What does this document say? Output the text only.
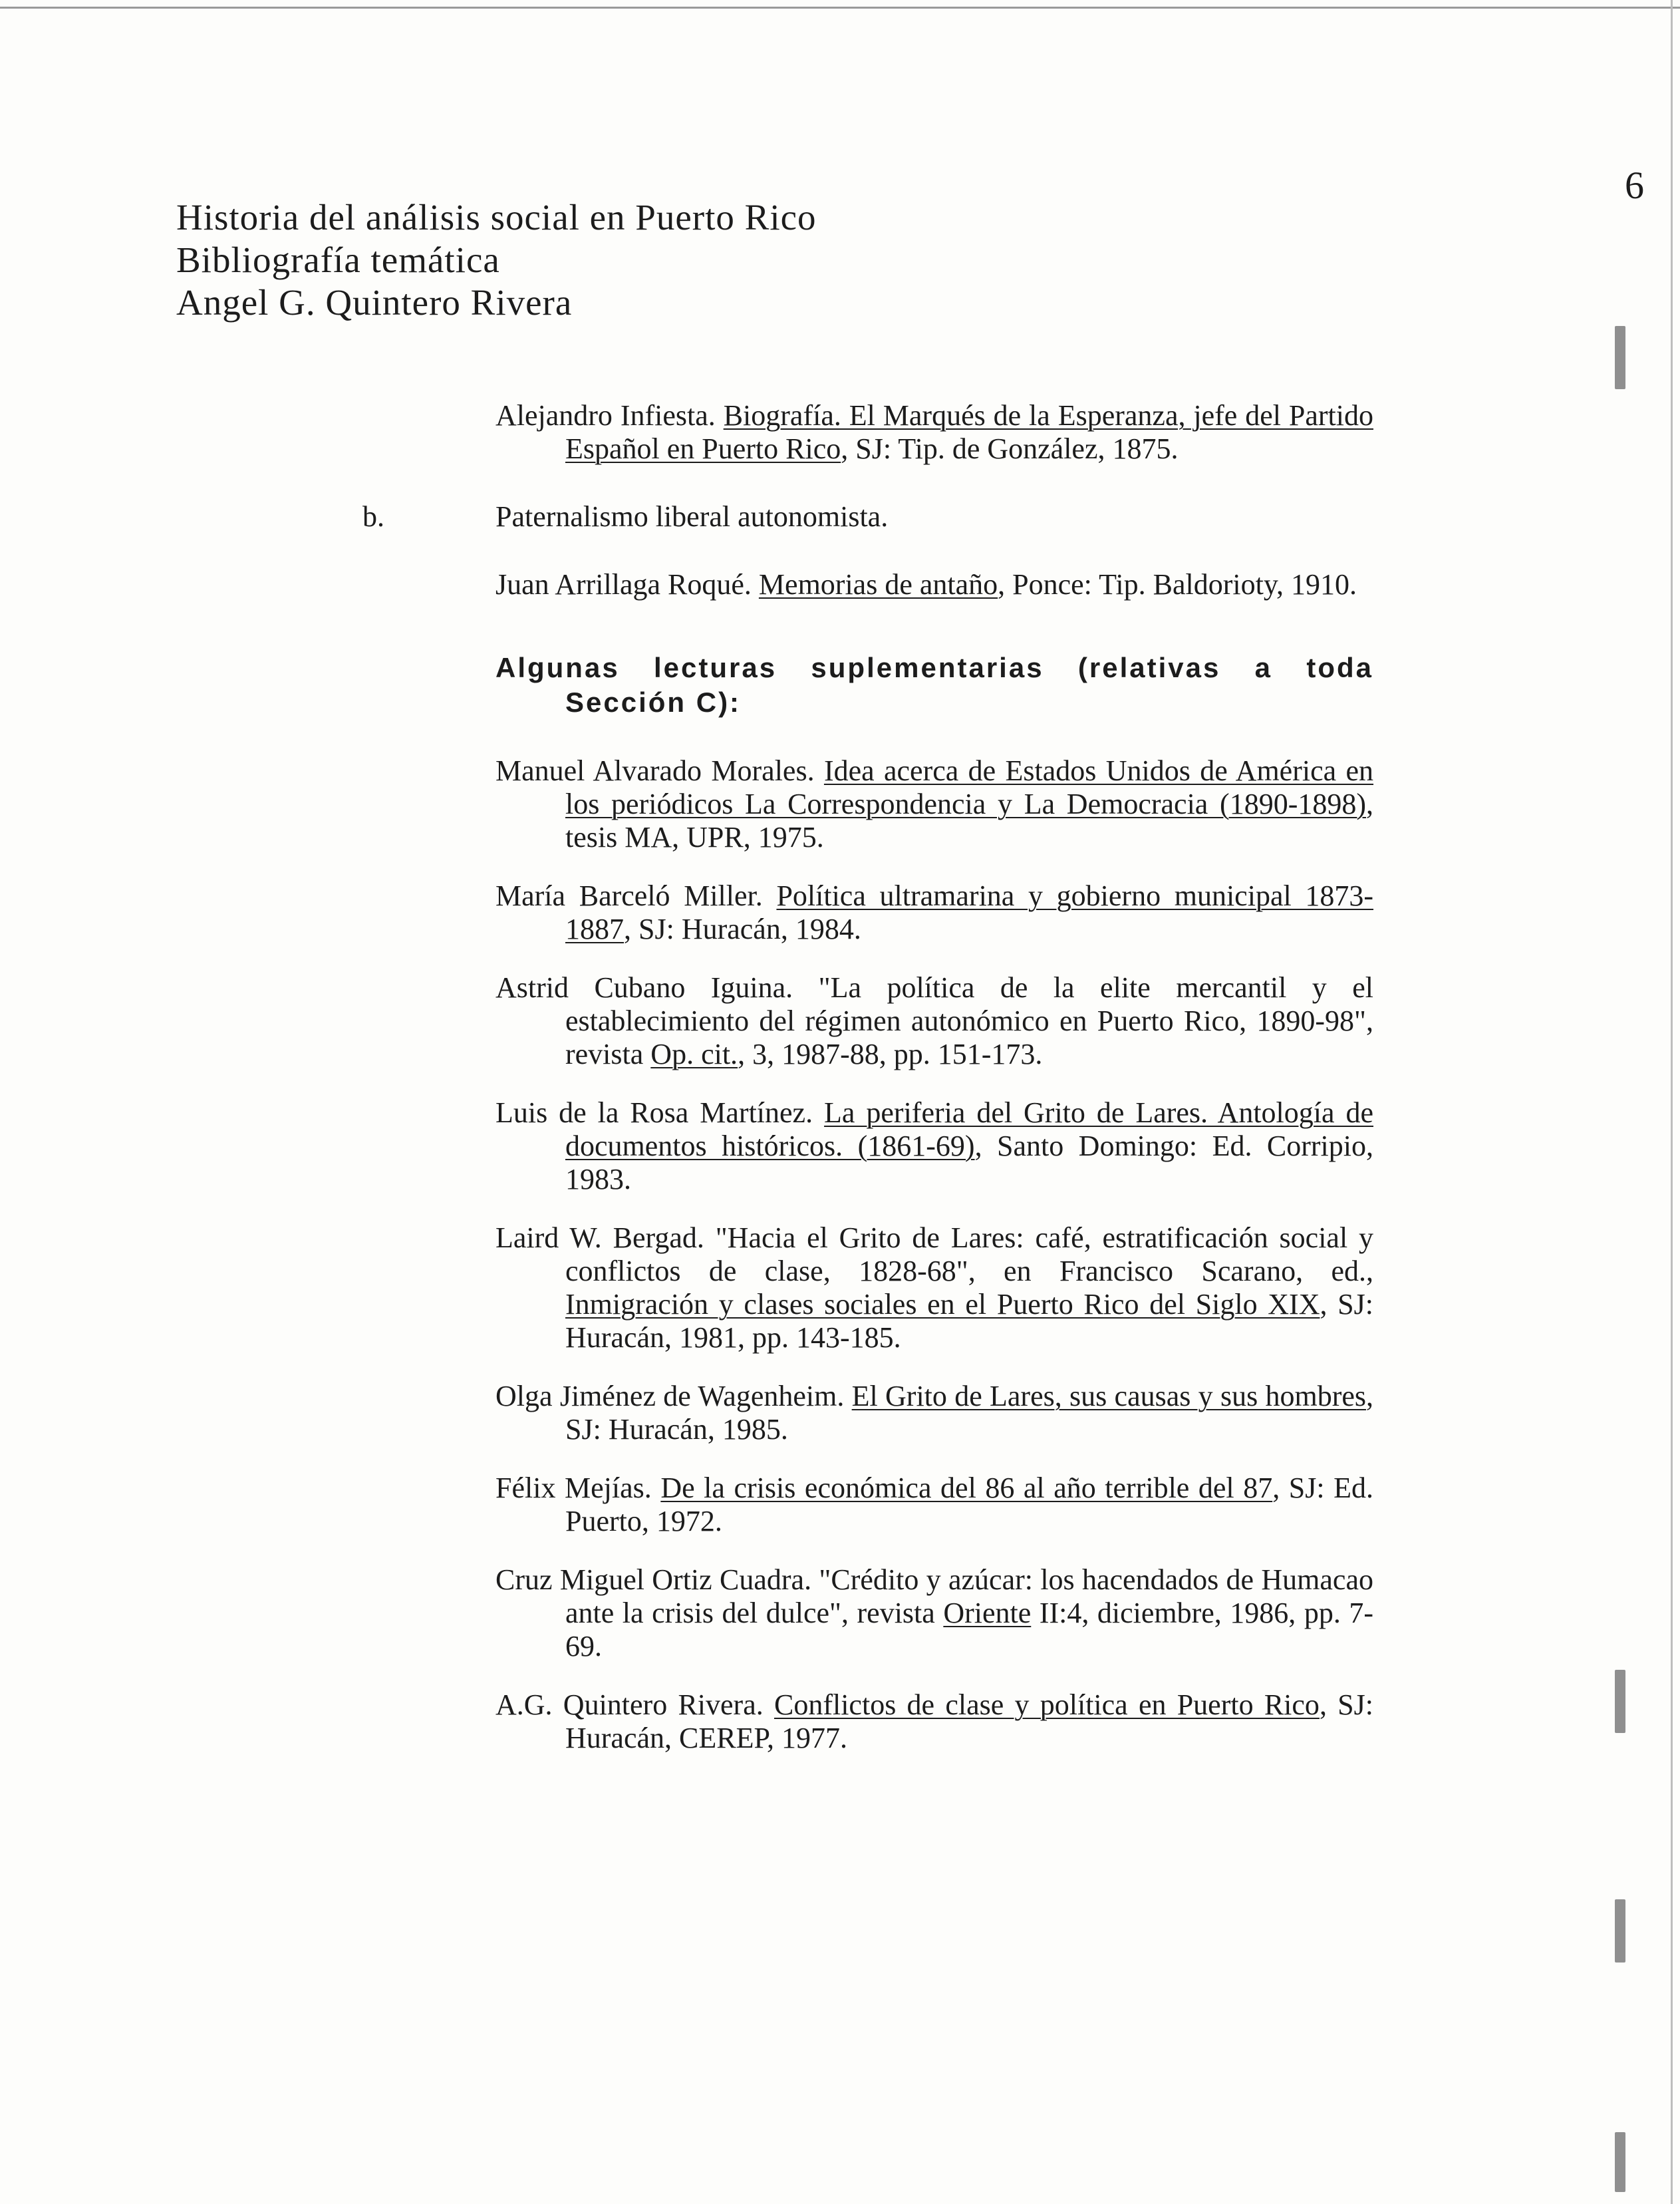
6
Historia del análisis social en Puerto Rico
Bibliografía temática
Angel G. Quintero Rivera

Alejandro Infiesta. Biografía. El Marqués de la Esperanza, jefe del Partido Español en Puerto Rico, SJ: Tip. de González, 1875.

b.	Paternalismo liberal autonomista.

Juan Arrillaga Roqué. Memorias de antaño, Ponce: Tip. Baldorioty, 1910.

Algunas lecturas suplementarias (relativas a toda Sección C):

Manuel Alvarado Morales. Idea acerca de Estados Unidos de América en los periódicos La Correspondencia y La Democracia (1890-1898), tesis MA, UPR, 1975.

María Barceló Miller. Política ultramarina y gobierno municipal 1873-1887, SJ: Huracán, 1984.

Astrid Cubano Iguina. "La política de la elite mercantil y el establecimiento del régimen autonómico en Puerto Rico, 1890-98", revista Op. cit., 3, 1987-88, pp. 151-173.

Luis de la Rosa Martínez. La periferia del Grito de Lares. Antología de documentos históricos. (1861-69), Santo Domingo: Ed. Corripio, 1983.

Laird W. Bergad. "Hacia el Grito de Lares: café, estratificación social y conflictos de clase, 1828-68", en Francisco Scarano, ed., Inmigración y clases sociales en el Puerto Rico del Siglo XIX, SJ: Huracán, 1981, pp. 143-185.

Olga Jiménez de Wagenheim. El Grito de Lares, sus causas y sus hombres, SJ: Huracán, 1985.

Félix Mejías. De la crisis económica del 86 al año terrible del 87, SJ: Ed. Puerto, 1972.

Cruz Miguel Ortiz Cuadra. "Crédito y azúcar: los hacendados de Humacao ante la crisis del dulce", revista Oriente II:4, diciembre, 1986, pp. 7-69.

A.G. Quintero Rivera. Conflictos de clase y política en Puerto Rico, SJ: Huracán, CEREP, 1977.
